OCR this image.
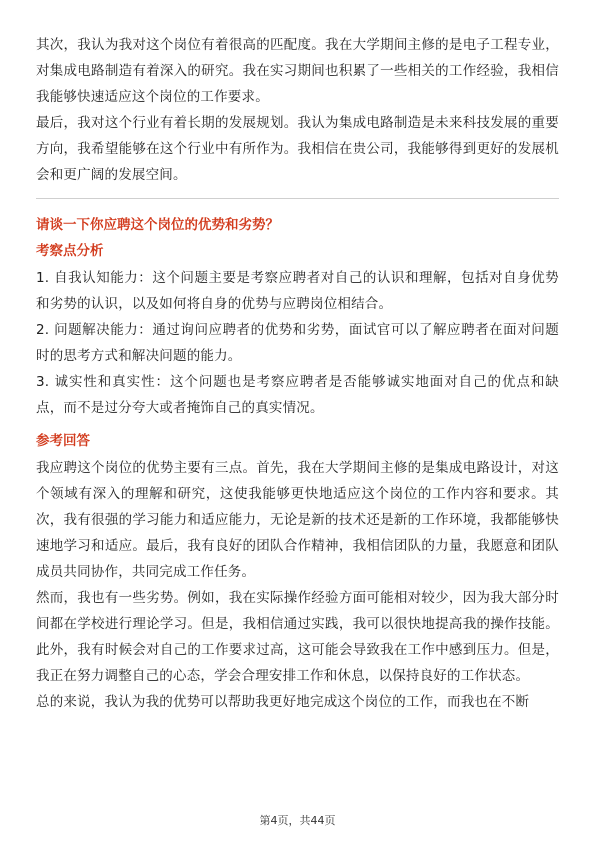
其次，我认为我对这个岗位有着很高的匹配度。我在大学期间主修的是电子工程专业，对集成电路制造有着深入的研究。我在实习期间也积累了一些相关的工作经验，我相信我能够快速适应这个岗位的工作要求。

最后，我对这个行业有着长期的发展规划。我认为集成电路制造是未来科技发展的重要方向，我希望能够在这个行业中有所作为。我相信在贵公司，我能够得到更好的发展机会和更广阔的发展空间。

请谈一下你应聘这个岗位的优势和劣势？
考察点分析

1. 自我认知能力：这个问题主要是考察应聘者对自己的认识和理解，包括对自身优势和劣势的认识，以及如何将自身的优势与应聘岗位相结合。

2. 问题解决能力：通过询问应聘者的优势和劣势，面试官可以了解应聘者在面对问题时的思考方式和解决问题的能力。

3. 诚实性和真实性：这个问题也是考察应聘者是否能够诚实地面对自己的优点和缺点，而不是过分夸大或者掩饰自己的真实情况。

参考回答

我应聘这个岗位的优势主要有三点。首先，我在大学期间主修的是集成电路设计，对这个领域有深入的理解和研究，这使我能够更快地适应这个岗位的工作内容和要求。其次，我有很强的学习能力和适应能力，无论是新的技术还是新的工作环境，我都能够快速地学习和适应。最后，我有良好的团队合作精神，我相信团队的力量，我愿意和团队成员共同协作，共同完成工作任务。

然而，我也有一些劣势。例如，我在实际操作经验方面可能相对较少，因为我大部分时间都在学校进行理论学习。但是，我相信通过实践，我可以很快地提高我的操作技能。此外，我有时候会对自己的工作要求过高，这可能会导致我在工作中感到压力。但是，我正在努力调整自己的心态，学会合理安排工作和休息，以保持良好的工作状态。

总的来说，我认为我的优势可以帮助我更好地完成这个岗位的工作，而我也在不断

第4页，共44页
